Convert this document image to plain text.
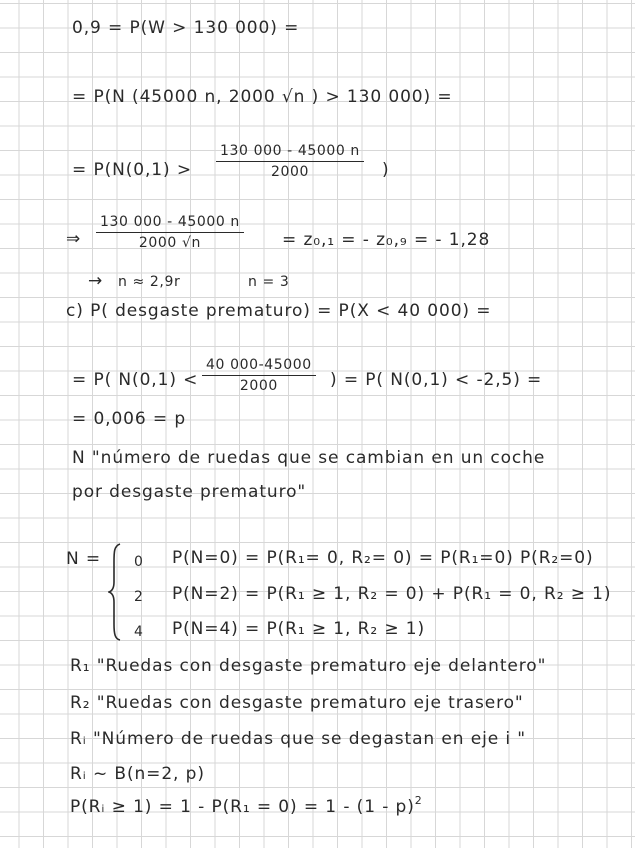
0,9 = P(W > 130 000) =
= P(N (45000 n, 2000 √n ) > 130 000) =
= $P(N(0,1) > \frac{130 000 - 45000 n}{2000}$ )
⇒ $\frac{130 000 - 45000 n}{2000 √n} = z_0,_1$ = - z₀,₉ = - 1,28
→ n ≈ 2,9r	n = 3
c) P( desgaste prematuro) = P(X < 40 000) =
= P( $N(0,1) < \frac{40 000-45000}{2000}$ ) = P( N(0,1) < -2,5) =
= 0,006 = p
N "número de ruedas que se cambian en un coche
por desgaste prematuro"
N = 0 P(N=0) = P(R₁= 0, R₂= 0) = P(R₁=0) P(R₂=0)
2 P(N=2) = P(R₁ ≥ 1, R₂ = 0) + P(R₁ = 0, R₂ ≥ 1)
4 P(N=4) = P(R₁ ≥ 1, R₂ ≥ 1)
R₁ "Ruedas con desgaste prematuro eje delantero"
R₂ "Ruedas con desgaste prematuro eje trasero"
Rᵢ "Número de ruedas que se degastan en eje i "
Rᵢ ~ B(n=2, p)
P(Rᵢ ≥ 1) = 1 - P(R₁ = 0) = 1 - (1 - p)$^2$
